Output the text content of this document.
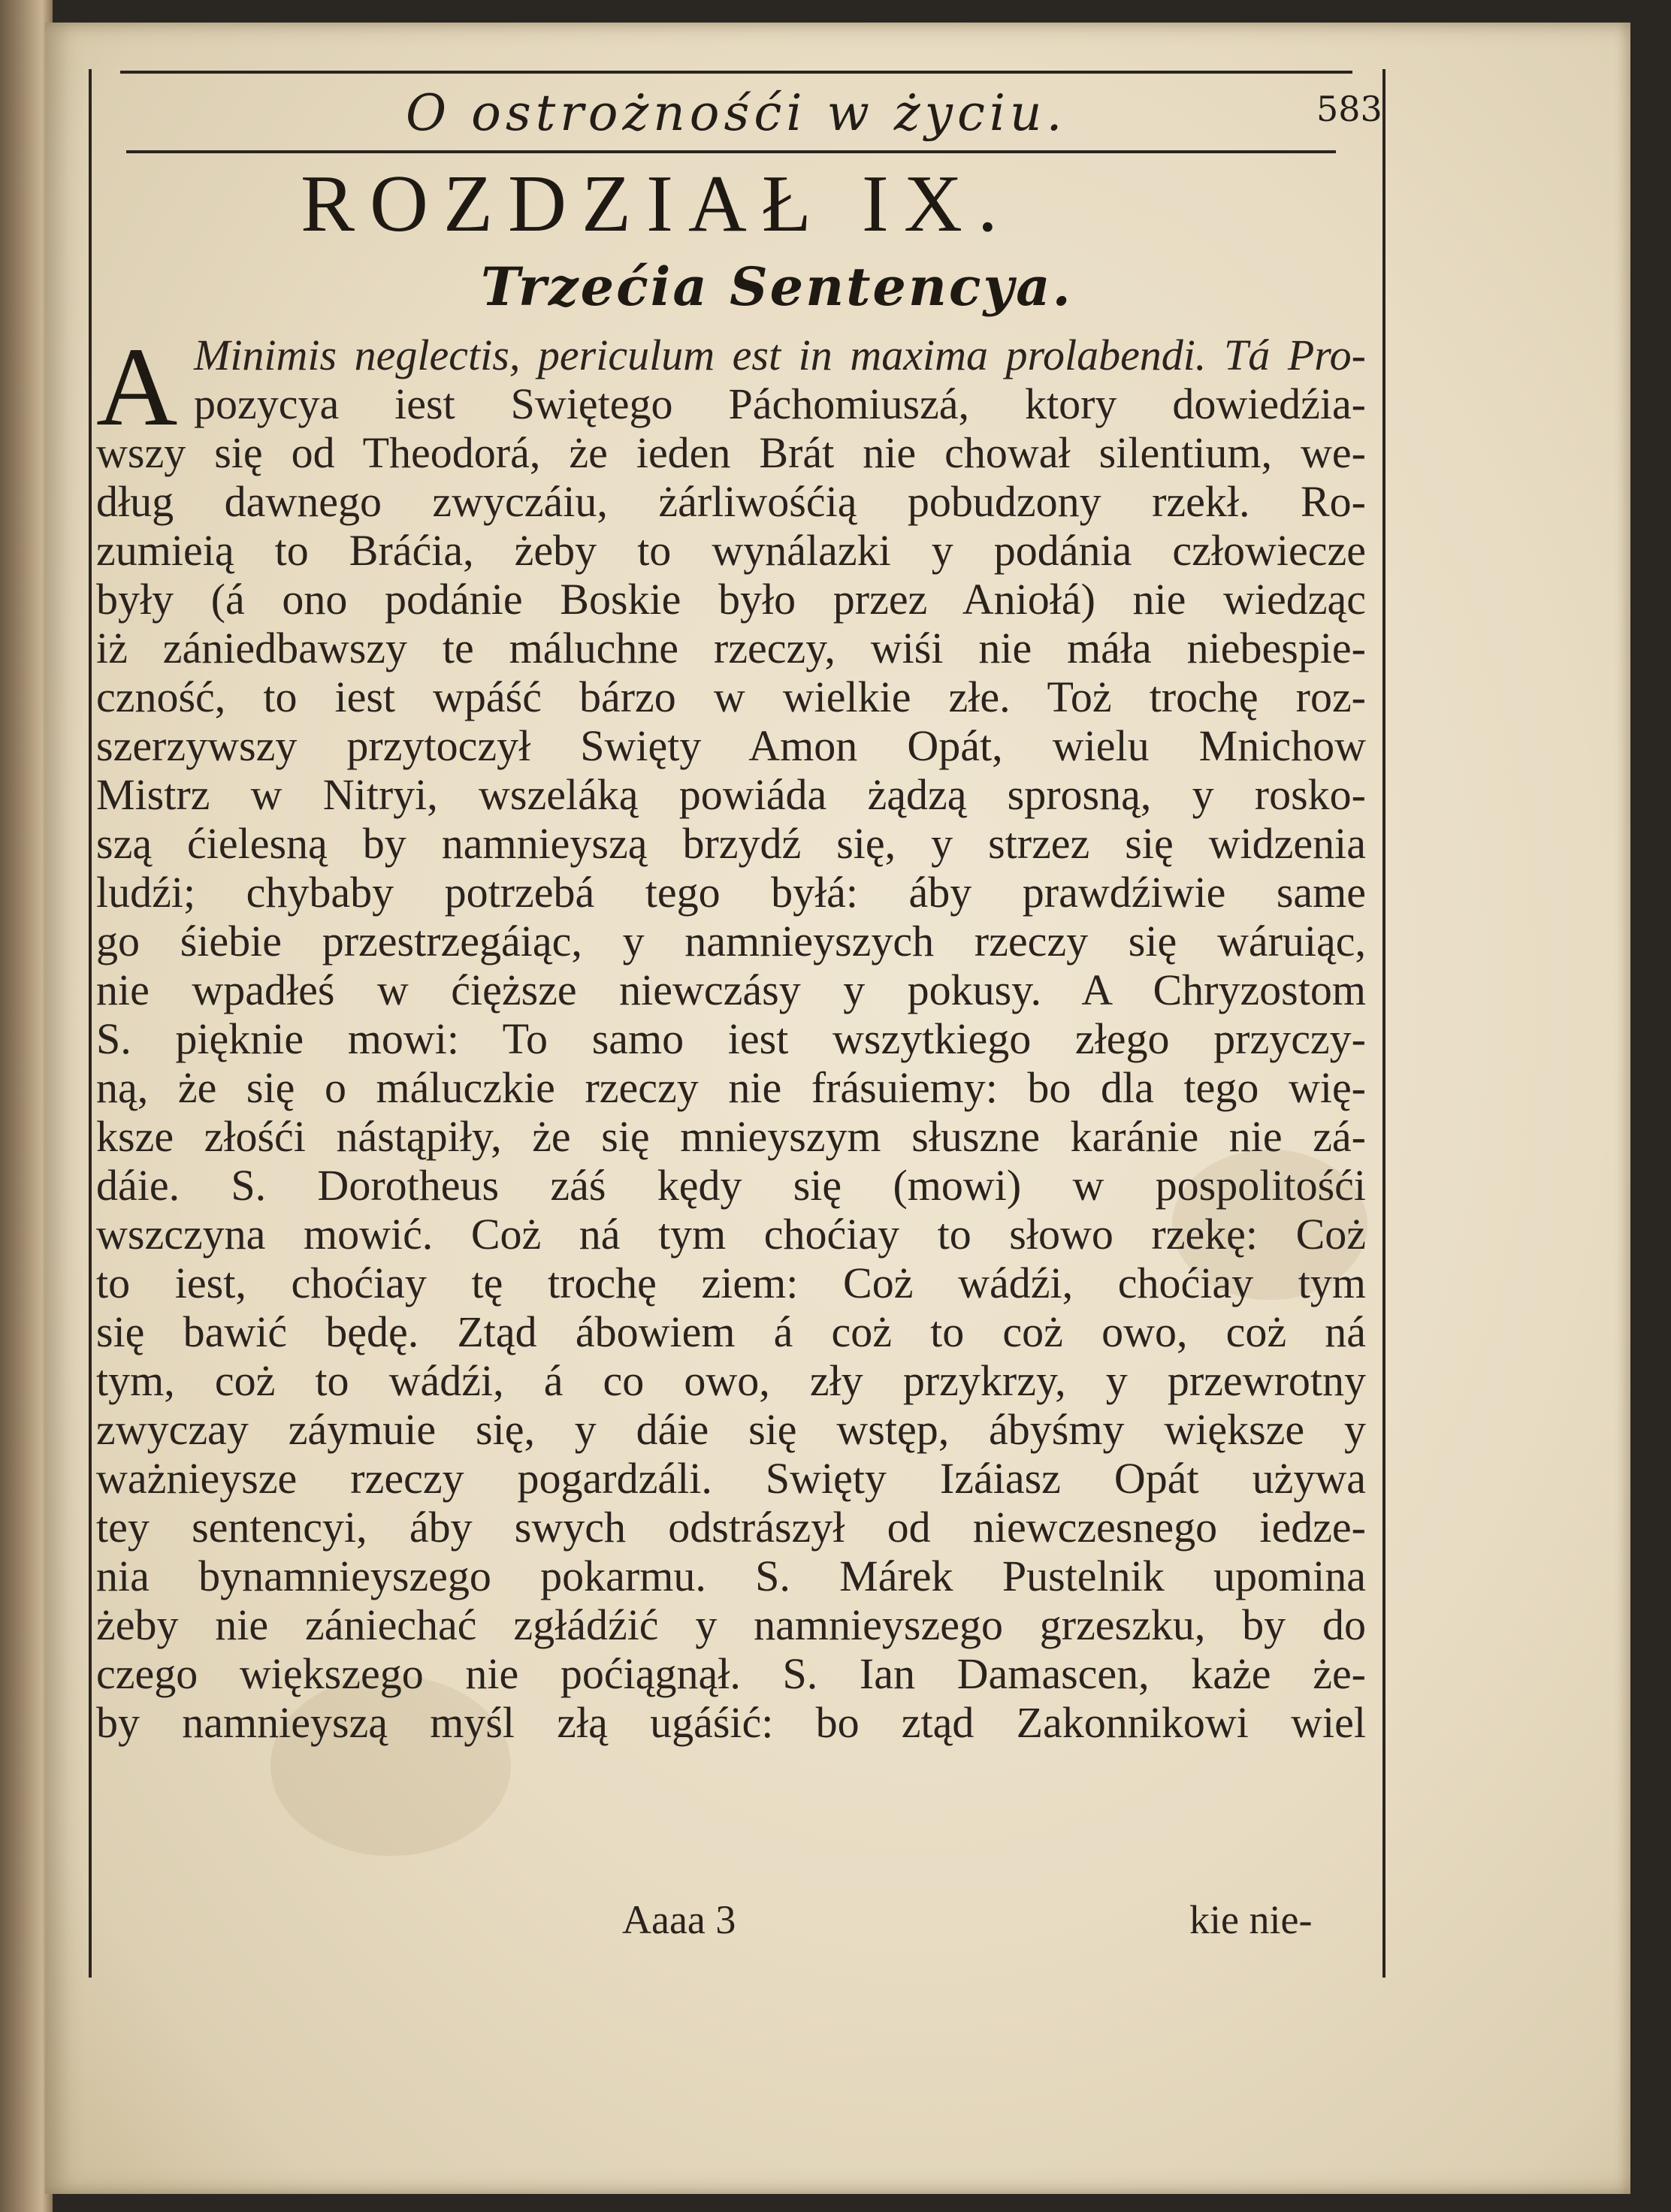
O ostrożnośći w życiu.	583
ROZDZIAŁ IX.
Trzećia Sentencya.
A Minimis neglectis, periculum est in maxima prolabendi. Tá Pro-
pozycya iest Swiętego Páchomiuszá, ktory dowiedźia-
wszy się od Theodorá, że ieden Brát nie chował silentium, we-
dług dawnego zwyczáiu, żárliwośćią pobudzony rzekł. Ro-
zumieią to Bráćia, żeby to wynálazki y podánia człowiecze
były (á ono podánie Boskie było przez Aniołá) nie wiedząc
iż zániedbawszy te máluchne rzeczy, wiśi nie máła niebespie-
czność, to iest wpáść bárzo w wielkie złe. Toż trochę roz-
szerzywszy przytoczył Swięty Amon Opát, wielu Mnichow
Mistrz w Nitryi, wszeláką powiáda żądzą sprosną, y rosko-
szą ćielesną by namnieyszą brzydź się, y strzez się widzenia
ludźi; chybaby potrzebá tego byłá: áby prawdźiwie same
go śiebie przestrzegáiąc, y namnieyszych rzeczy się wáruiąc,
nie wpadłeś w ćięższe niewczásy y pokusy. A Chryzostom
S. pięknie mowi: To samo iest wszytkiego złego przyczy-
ną, że się o máluczkie rzeczy nie frásuiemy: bo dla tego wię-
ksze złośći nástąpiły, że się mnieyszym słuszne karánie nie zá-
dáie. S. Dorotheus záś kędy się (mowi) w pospolitośći
wszczyna mowić. Coż ná tym choćiay to słowo rzekę: Coż
to iest, choćiay tę trochę ziem: Coż wádźi, choćiay tym
się bawić będę. Ztąd ábowiem á coż to coż owo, coż ná
tym, coż to wádźi, á co owo, zły przykrzy, y przewrotny
zwyczay záymuie się, y dáie się wstęp, ábyśmy większe y
ważnieysze rzeczy pogardzáli. Swięty Izáiasz Opát używa
tey sentencyi, áby swych odstrászył od niewczesnego iedze-
nia bynamnieyszego pokarmu. S. Márek Pustelnik upomina
żeby nie zániechać zgłádźić y namnieyszego grzeszku, by do
czego większego nie poćiągnął. S. Ian Damascen, każe że-
by namnieyszą myśl złą ugáśić: bo ztąd Zakonnikowi wiel
Aaaa 3	kie nie-
